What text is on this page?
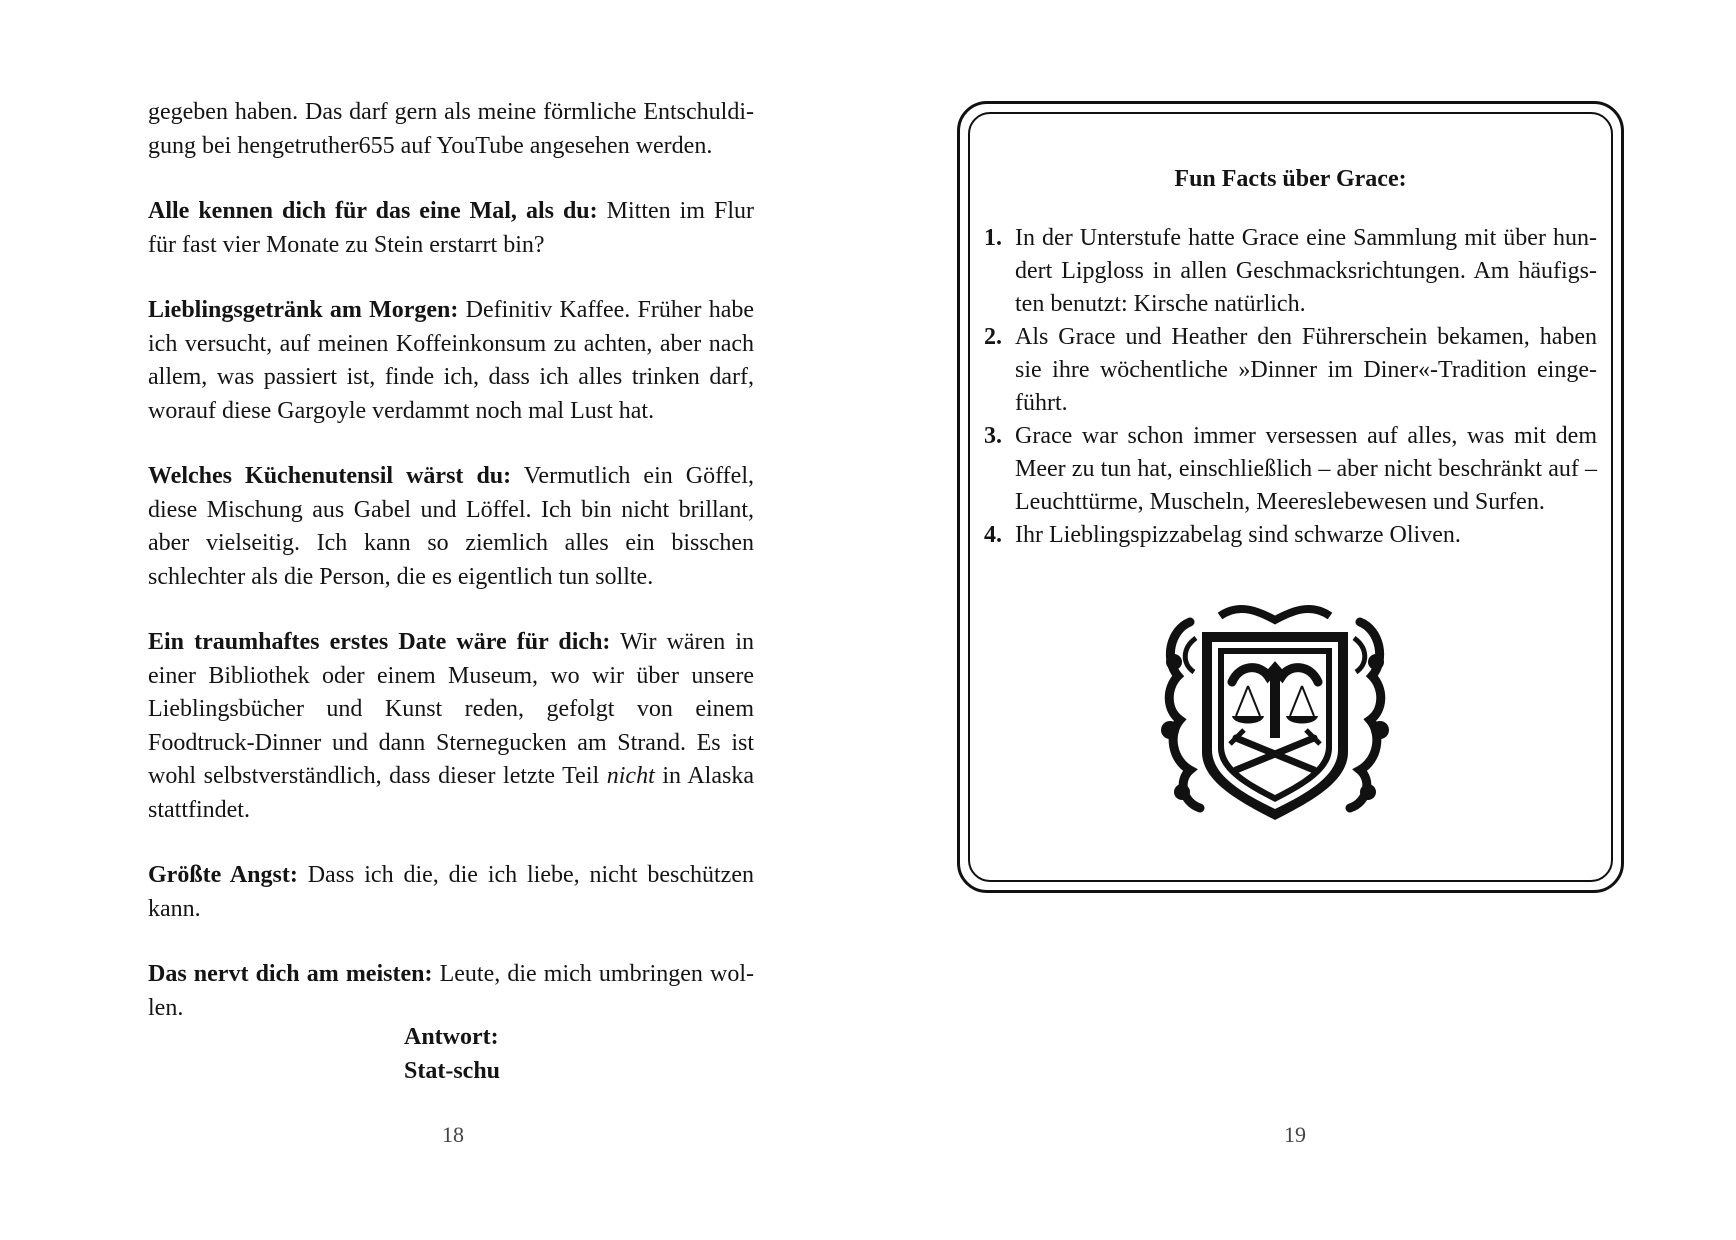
gegeben haben. Das darf gern als meine förmliche Entschuldigung bei hengetruther655 auf YouTube angesehen werden.

Alle kennen dich für das eine Mal, als du: Mitten im Flur für fast vier Monate zu Stein erstarrt bin?

Lieblingsgetränk am Morgen: Definitiv Kaffee. Früher habe ich versucht, auf meinen Koffeinkonsum zu achten, aber nach allem, was passiert ist, finde ich, dass ich alles trinken darf, worauf diese Gargoyle verdammt noch mal Lust hat.

Welches Küchenutensil wärst du: Vermutlich ein Göffel, diese Mischung aus Gabel und Löffel. Ich bin nicht brillant, aber vielseitig. Ich kann so ziemlich alles ein bisschen schlechter als die Person, die es eigentlich tun sollte.

Ein traumhaftes erstes Date wäre für dich: Wir wären in einer Bibliothek oder einem Museum, wo wir über unsere Lieblingsbücher und Kunst reden, gefolgt von einem Foodtruck-Dinner und dann Sternegucken am Strand. Es ist wohl selbstverständlich, dass dieser letzte Teil nicht in Alaska stattfindet.

Größte Angst: Dass ich die, die ich liebe, nicht beschützen kann.

Das nervt dich am meisten: Leute, die mich umbringen wollen.

Antwort:
Stat-schu
18	19
Fun Facts über Grace:
1. In der Unterstufe hatte Grace eine Sammlung mit über hundert Lipgloss in allen Geschmacksrichtungen. Am häufigsten benutzt: Kirsche natürlich.
2. Als Grace und Heather den Führerschein bekamen, haben sie ihre wöchentliche »Dinner im Diner«-Tradition eingeführt.
3. Grace war schon immer versessen auf alles, was mit dem Meer zu tun hat, einschließlich – aber nicht beschränkt auf – Leuchttürme, Muscheln, Meereslebewesen und Surfen.
4. Ihr Lieblingspizzabelag sind schwarze Oliven.
